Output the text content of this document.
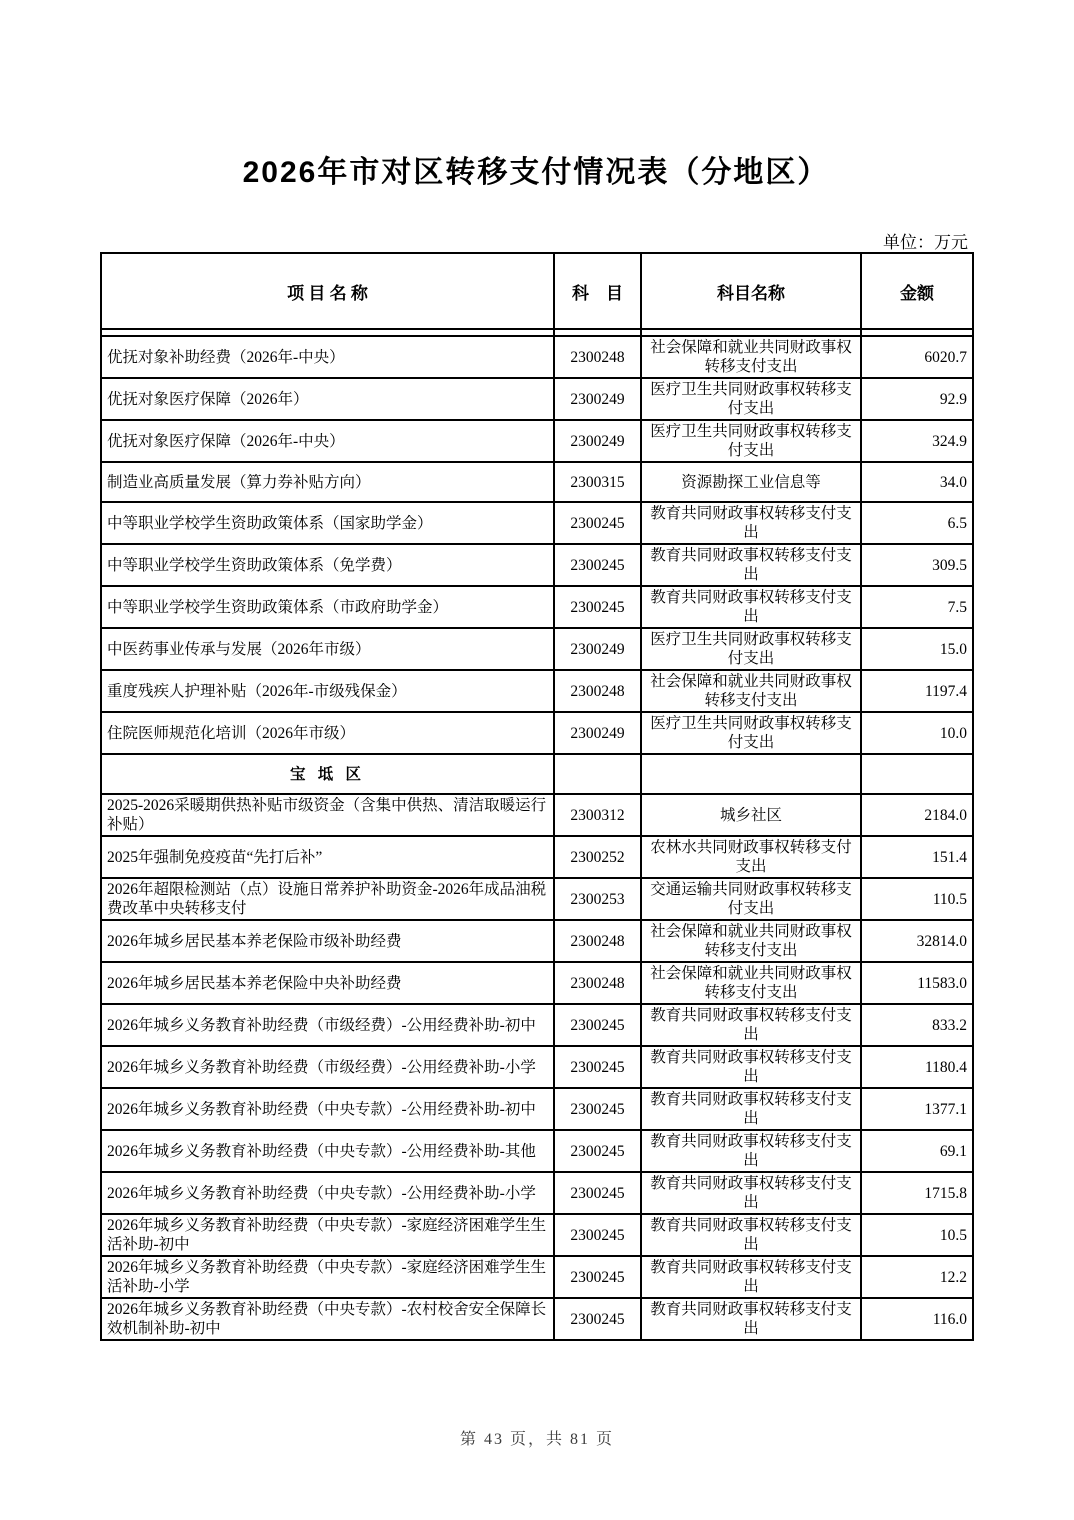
2026年市对区转移支付情况表（分地区）
单位：万元
项 目 名 称	科　目	科目名称	金额

优抚对象补助经费（2026年-中央）	2300248	社会保障和就业共同财政事权转移支付支出	6020.7
优抚对象医疗保障（2026年）	2300249	医疗卫生共同财政事权转移支付支出	92.9
优抚对象医疗保障（2026年-中央）	2300249	医疗卫生共同财政事权转移支付支出	324.9
制造业高质量发展（算力券补贴方向）	2300315	资源勘探工业信息等	34.0
中等职业学校学生资助政策体系（国家助学金）	2300245	教育共同财政事权转移支付支出	6.5
中等职业学校学生资助政策体系（免学费）	2300245	教育共同财政事权转移支付支出	309.5
中等职业学校学生资助政策体系（市政府助学金）	2300245	教育共同财政事权转移支付支出	7.5
中医药事业传承与发展（2026年市级）	2300249	医疗卫生共同财政事权转移支付支出	15.0
重度残疾人护理补贴（2026年-市级残保金）	2300248	社会保障和就业共同财政事权转移支付支出	1197.4
住院医师规范化培训（2026年市级）	2300249	医疗卫生共同财政事权转移支付支出	10.0
宝 坻 区			
2025-2026采暖期供热补贴市级资金（含集中供热、清洁取暖运行补贴）	2300312	城乡社区	2184.0
2025年强制免疫疫苗“先打后补”	2300252	农林水共同财政事权转移支付支出	151.4
2026年超限检测站（点）设施日常养护补助资金-2026年成品油税费改革中央转移支付	2300253	交通运输共同财政事权转移支付支出	110.5
2026年城乡居民基本养老保险市级补助经费	2300248	社会保障和就业共同财政事权转移支付支出	32814.0
2026年城乡居民基本养老保险中央补助经费	2300248	社会保障和就业共同财政事权转移支付支出	11583.0
2026年城乡义务教育补助经费（市级经费）-公用经费补助-初中	2300245	教育共同财政事权转移支付支出	833.2
2026年城乡义务教育补助经费（市级经费）-公用经费补助-小学	2300245	教育共同财政事权转移支付支出	1180.4
2026年城乡义务教育补助经费（中央专款）-公用经费补助-初中	2300245	教育共同财政事权转移支付支出	1377.1
2026年城乡义务教育补助经费（中央专款）-公用经费补助-其他	2300245	教育共同财政事权转移支付支出	69.1
2026年城乡义务教育补助经费（中央专款）-公用经费补助-小学	2300245	教育共同财政事权转移支付支出	1715.8
2026年城乡义务教育补助经费（中央专款）-家庭经济困难学生生活补助-初中	2300245	教育共同财政事权转移支付支出	10.5
2026年城乡义务教育补助经费（中央专款）-家庭经济困难学生生活补助-小学	2300245	教育共同财政事权转移支付支出	12.2
2026年城乡义务教育补助经费（中央专款）-农村校舍安全保障长效机制补助-初中	2300245	教育共同财政事权转移支付支出	116.0
第 43 页，共 81 页
